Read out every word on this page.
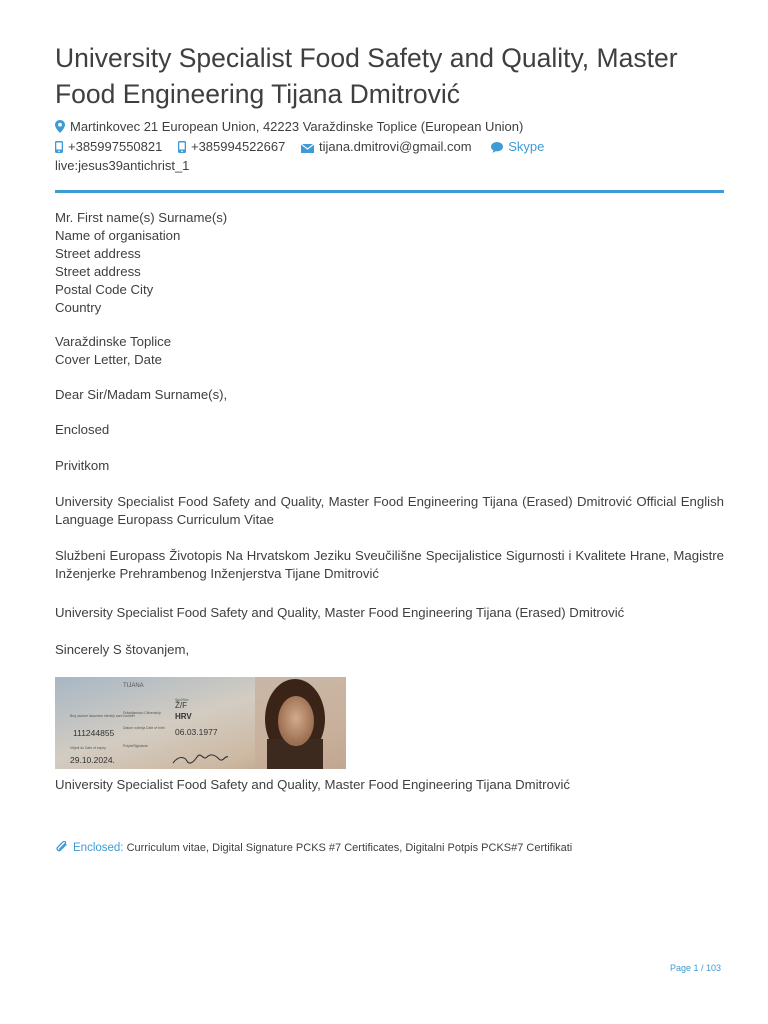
University Specialist Food Safety and Quality, Master
Food Engineering Tijana Dmitrović
Martinkovec 21 European Union, 42223 Varaždinske Toplice (European Union)
+385997550821 +385994522667	tijana.dmitrovi@gmail.com	Skype
live:jesus39antichrist_1
Mr. First name(s) Surname(s)
Name of organisation
Street address
Street address
Postal Code City
Country
Varaždinske Toplice
Cover Letter, Date
Dear Sir/Madam Surname(s),
Enclosed
Privitkom
University Specialist Food Safety and Quality, Master Food Engineering Tijana (Erased) Dmitrović Official English Language Europass Curriculum Vitae
Službeni Europass Životopis Na Hrvatskom Jeziku Sveučilišne Specijalistice Sigurnosti i Kvalitete Hrane, Magistre Inženjerke Prehrambenog Inženjerstva Tijane Dmitrović
University Specialist Food Safety and Quality, Master Food Engineering Tijana (Erased) Dmitrović
Sincerely S štovanjem,
TIJANA
Spol/Sex
Ž/F
Državljanstvo Citizenship HRV
Broj osobne iskaznice Identity card number
111244855	Datum rođenja Date of birth 06.03.1977
Vrijedi do Date of expiry
29.10.2024.
Potpis/Signature
University Specialist Food Safety and Quality, Master Food Engineering Tijana Dmitrović
Enclosed: Curriculum vitae, Digital Signature PCKS #7 Certificates, Digitalni Potpis PCKS#7 Certifikati
Page 1 / 103
